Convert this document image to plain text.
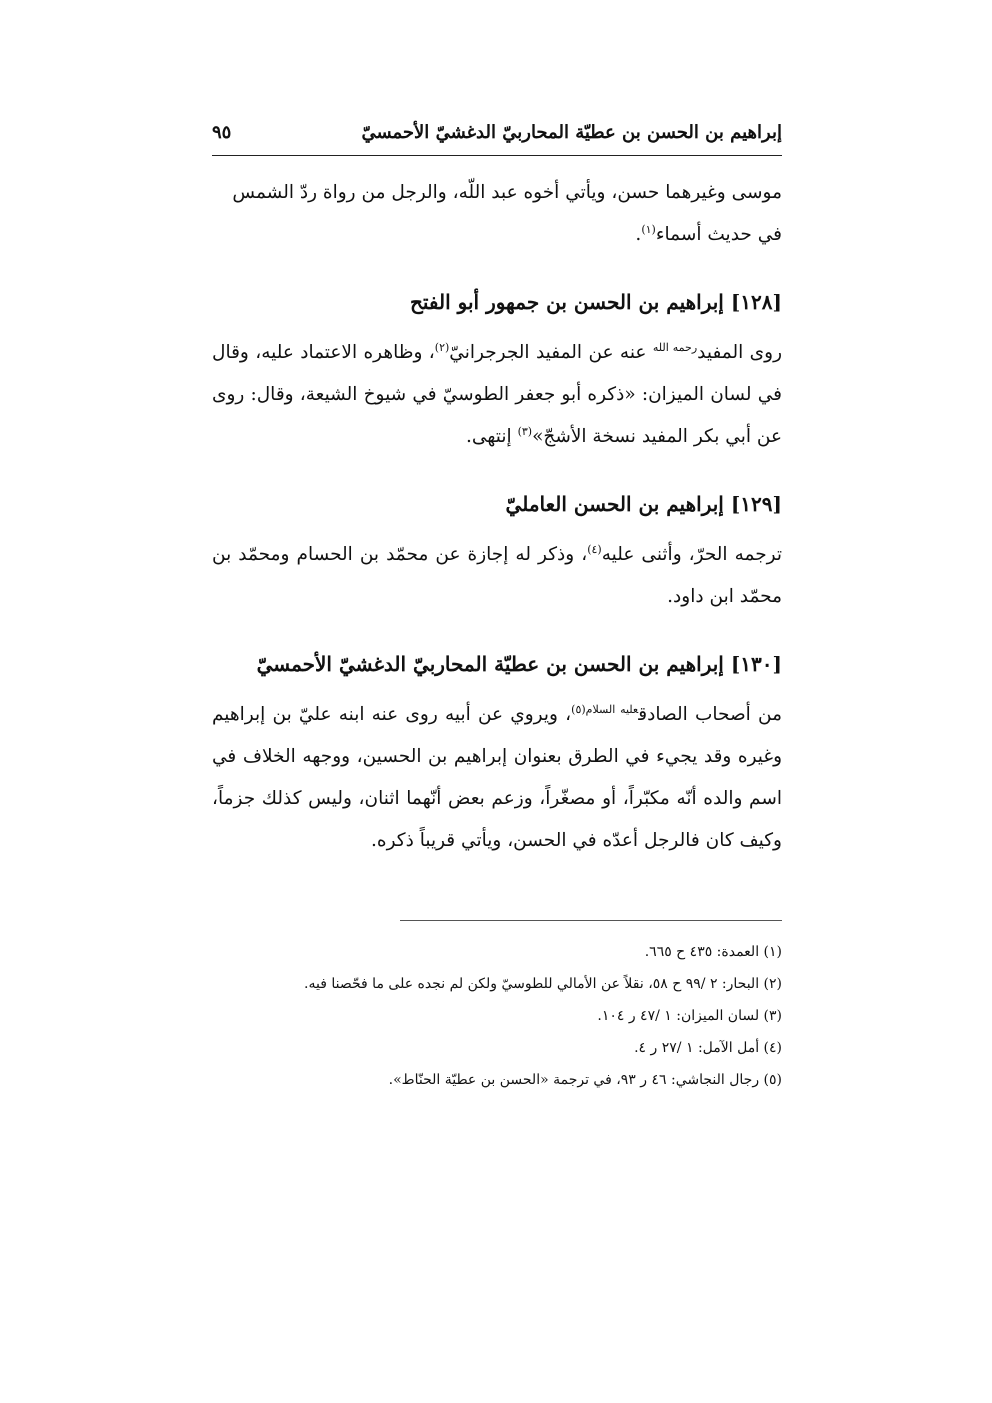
إبراهيم بن الحسن بن عطيّة المحاربيّ الدغشيّ الأحمسيّ
٩٥

موسى وغيرهما حسن، ويأتي أخوه عبد اللّه، والرجل من رواة ردّ الشمس
في حديث أسماء$^{(١)}$.

[١٢٨] إبراهيم بن الحسن بن جمهور أبو الفتح

روى المفيد$^{رحمه الله}$ عنه عن المفيد الجرجرانيّ$^{(٢)}$، وظاهره الاعتماد عليه، وقال في لسان الميزان: «ذكره أبو جعفر الطوسيّ في شيوخ الشيعة، وقال: روى عن أبي بكر المفيد نسخة الأشجّ»$^{(٣)}$ إنتهى.

[١٢٩] إبراهيم بن الحسن العامليّ

ترجمه الحرّ، وأثنى عليه$^{(٤)}$، وذكر له إجازة عن محمّد بن الحسام ومحمّد بن محمّد ابن داود.

[١٣٠] إبراهيم بن الحسن بن عطيّة المحاربيّ الدغشيّ الأحمسيّ

من أصحاب الصادق$^{عليه السلام(٥)}$، ويروي عن أبيه روى عنه ابنه عليّ بن إبراهيم وغيره وقد يجيء في الطرق بعنوان إبراهيم بن الحسين، ووجهه الخلاف في اسم والده أنّه مكبّراً، أو مصغّراً، وزعم بعض أنّهما اثنان، وليس كذلك جزماً، وكيف كان فالرجل أعدّه في الحسن، ويأتي قريباً ذكره.

(١) العمدة: ٤٣٥ ح ٦٦٥.
(٢) البحار: ٢ /٩٩ ح ٥٨، نقلاً عن الأمالي للطوسيّ ولكن لم نجده على ما فحّصنا فيه.
(٣) لسان الميزان: ١ /٤٧ ر ١٠٤.
(٤) أمل الآمل: ١ /٢٧ ر ٤.
(٥) رجال النجاشي: ٤٦ ر ٩٣، في ترجمة «الحسن بن عطيّة الحنّاط».
